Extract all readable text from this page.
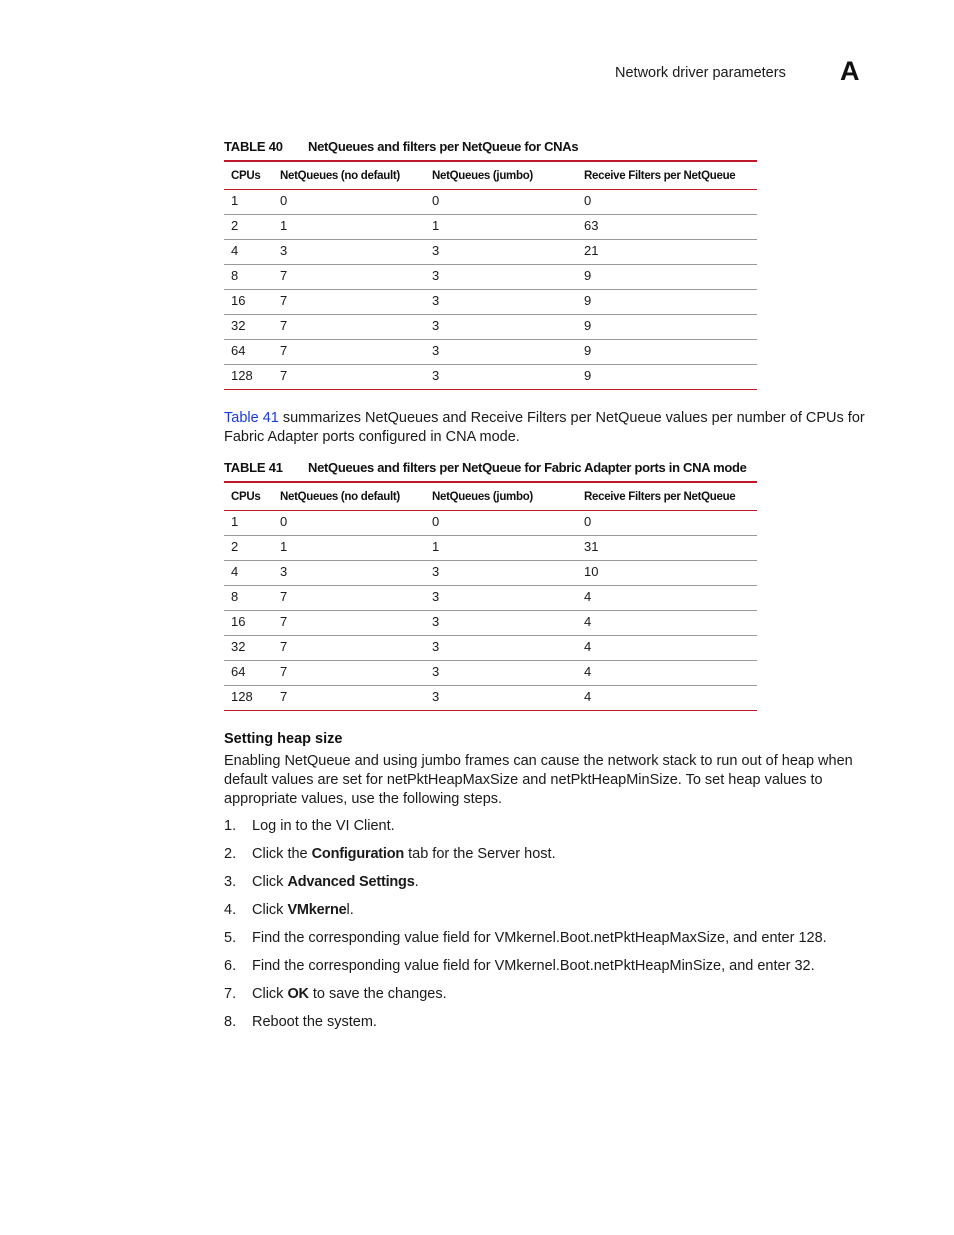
Network driver parameters A
TABLE 40 NetQueues and filters per NetQueue for CNAs
CPUs	NetQueues (no default)	NetQueues (jumbo)	Receive Filters per NetQueue
1	0	0	0
2	1	1	63
4	3	3	21
8	7	3	9
16	7	3	9
32	7	3	9
64	7	3	9
128	7	3	9
Table 41 summarizes NetQueues and Receive Filters per NetQueue values per number of CPUs for Fabric Adapter ports configured in CNA mode.
TABLE 41 NetQueues and filters per NetQueue for Fabric Adapter ports in CNA mode
CPUs	NetQueues (no default)	NetQueues (jumbo)	Receive Filters per NetQueue
1	0	0	0
2	1	1	31
4	3	3	10
8	7	3	4
16	7	3	4
32	7	3	4
64	7	3	4
128	7	3	4
Setting heap size
Enabling NetQueue and using jumbo frames can cause the network stack to run out of heap when default values are set for netPktHeapMaxSize and netPktHeapMinSize. To set heap values to appropriate values, use the following steps.
1.	Log in to the VI Client.
2.	Click the Configuration tab for the Server host.
3.	Click Advanced Settings.
4.	Click VMkernel.
5.	Find the corresponding value field for VMkernel.Boot.netPktHeapMaxSize, and enter 128.
6.	Find the corresponding value field for VMkernel.Boot.netPktHeapMinSize, and enter 32.
7.	Click OK to save the changes.
8.	Reboot the system.
